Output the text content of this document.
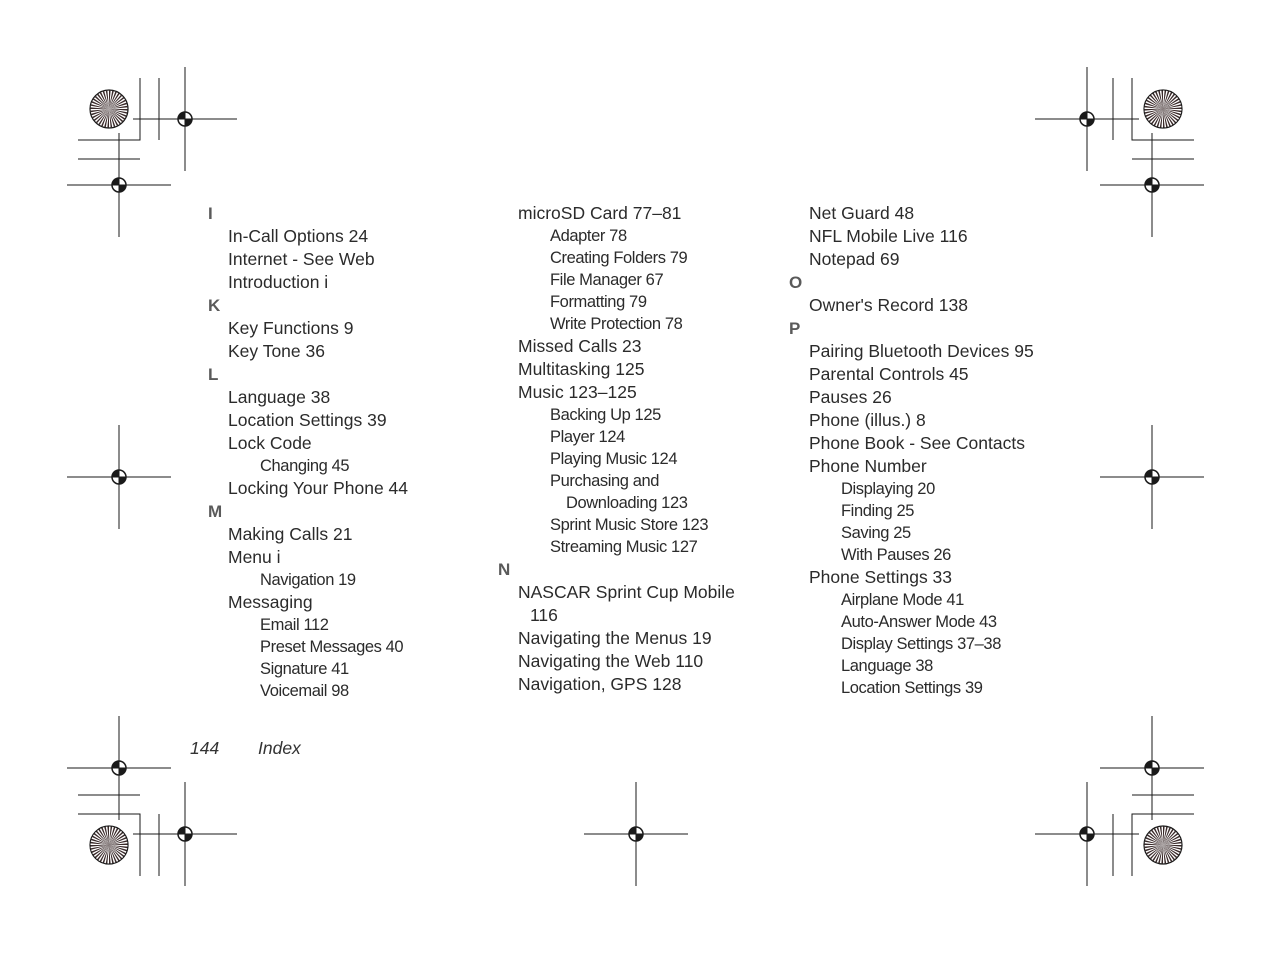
I
In-Call Options 24
Internet - See Web
Introduction i
K
Key Functions 9
Key Tone 36
L
Language 38
Location Settings 39
Lock Code
Changing 45
Locking Your Phone 44
M
Making Calls 21
Menu i
Navigation 19
Messaging
Email 112
Preset Messages 40
Signature 41
Voicemail 98
microSD Card 77–81
Adapter 78
Creating Folders 79
File Manager 67
Formatting 79
Write Protection 78
Missed Calls 23
Multitasking 125
Music 123–125
Backing Up 125
Player 124
Playing Music 124
Purchasing and
Downloading 123
Sprint Music Store 123
Streaming Music 127
N
NASCAR Sprint Cup Mobile
116
Navigating the Menus 19
Navigating the Web 110
Navigation, GPS 128
Net Guard 48
NFL Mobile Live 116
Notepad 69
O
Owner's Record 138
P
Pairing Bluetooth Devices 95
Parental Controls 45
Pauses 26
Phone (illus.) 8
Phone Book - See Contacts
Phone Number
Displaying 20
Finding 25
Saving 25
With Pauses 26
Phone Settings 33
Airplane Mode 41
Auto-Answer Mode 43
Display Settings 37–38
Language 38
Location Settings 39
144 Index
